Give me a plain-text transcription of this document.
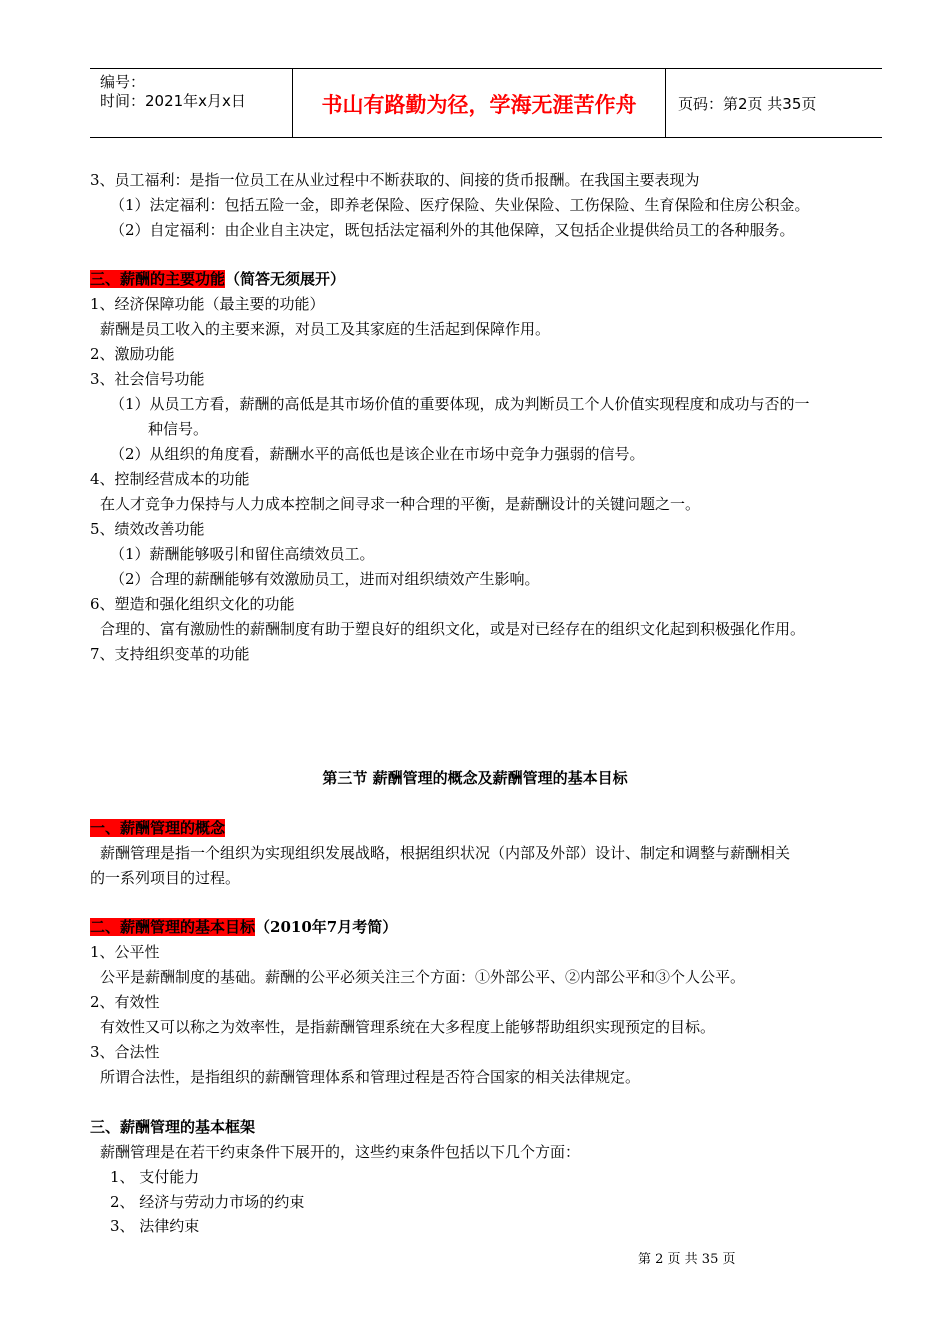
编号：
时间：2021年x月x日	书山有路勤为径，学海无涯苦作舟	页码：第2页 共35页
3、员工福利：是指一位员工在从业过程中不断获取的、间接的货币报酬。在我国主要表现为
（1）法定福利：包括五险一金，即养老保险、医疗保险、失业保险、工伤保险、生育保险和住房公积金。
（2）自定福利：由企业自主决定，既包括法定福利外的其他保障，又包括企业提供给员工的各种服务。
三、薪酬的主要功能（简答无须展开）
1、经济保障功能（最主要的功能）
薪酬是员工收入的主要来源，对员工及其家庭的生活起到保障作用。
2、激励功能
3、社会信号功能
（1）从员工方看，薪酬的高低是其市场价值的重要体现，成为判断员工个人价值实现程度和成功与否的一
种信号。
（2）从组织的角度看，薪酬水平的高低也是该企业在市场中竞争力强弱的信号。
4、控制经营成本的功能
在人才竞争力保持与人力成本控制之间寻求一种合理的平衡，是薪酬设计的关键问题之一。
5、绩效改善功能
（1）薪酬能够吸引和留住高绩效员工。
（2）合理的薪酬能够有效激励员工，进而对组织绩效产生影响。
6、塑造和强化组织文化的功能
合理的、富有激励性的薪酬制度有助于塑良好的组织文化，或是对已经存在的组织文化起到积极强化作用。
7、支持组织变革的功能
第三节 薪酬管理的概念及薪酬管理的基本目标
一、薪酬管理的概念
薪酬管理是指一个组织为实现组织发展战略，根据组织状况（内部及外部）设计、制定和调整与薪酬相关
的一系列项目的过程。
二、薪酬管理的基本目标（2010年7月考简）
1、公平性
公平是薪酬制度的基础。薪酬的公平必须关注三个方面：①外部公平、②内部公平和③个人公平。
2、有效性
有效性又可以称之为效率性，是指薪酬管理系统在大多程度上能够帮助组织实现预定的目标。
3、合法性
所谓合法性，是指组织的薪酬管理体系和管理过程是否符合国家的相关法律规定。
三、薪酬管理的基本框架
薪酬管理是在若干约束条件下展开的，这些约束条件包括以下几个方面：
1、 支付能力
2、 经济与劳动力市场的约束
3、 法律约束
第 2 页 共 35 页
